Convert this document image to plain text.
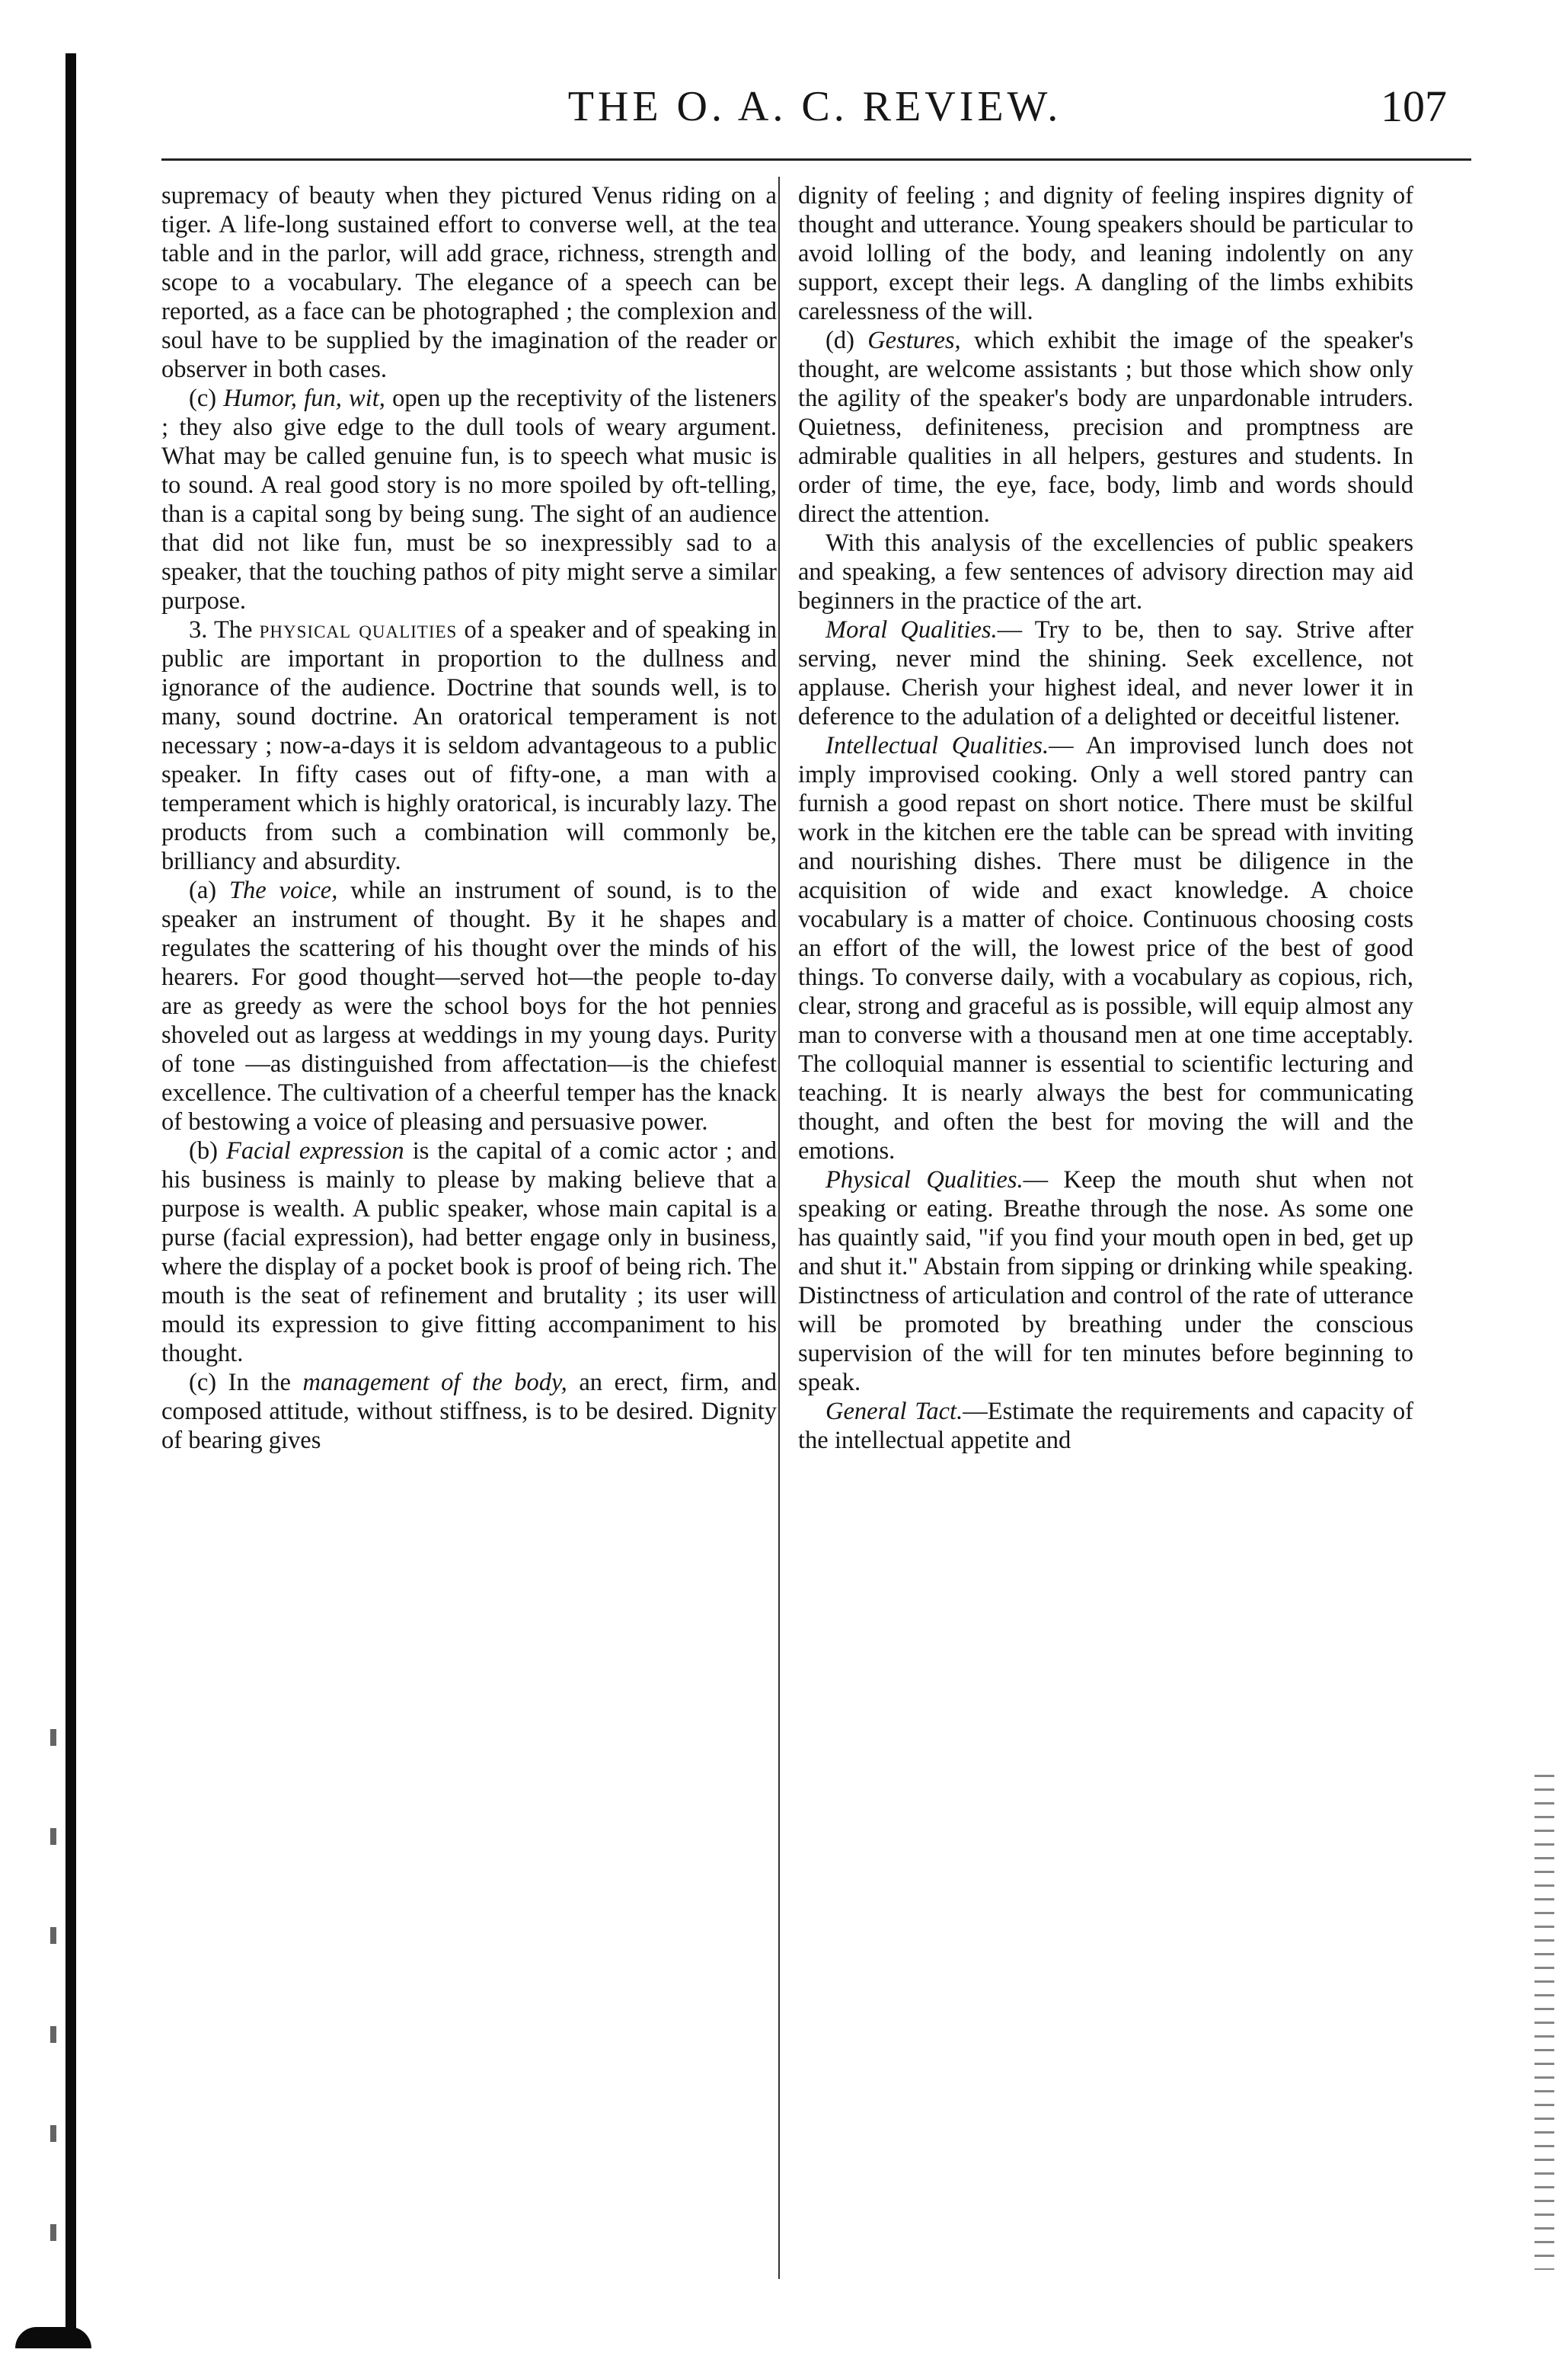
THE O. A. C. REVIEW.	107

supremacy of beauty when they pictured Venus riding on a tiger. A life-long sustained effort to converse well, at the tea table and in the parlor, will add grace, richness, strength and scope to a vocabulary. The elegance of a speech can be reported, as a face can be photographed ; the complexion and soul have to be supplied by the imagination of the reader or observer in both cases.

(c) Humor, fun, wit, open up the receptivity of the listeners ; they also give edge to the dull tools of weary argument. What may be called genuine fun, is to speech what music is to sound. A real good story is no more spoiled by oft-telling, than is a capital song by being sung. The sight of an audience that did not like fun, must be so inexpressibly sad to a speaker, that the touching pathos of pity might serve a similar purpose.

3. The physical qualities of a speaker and of speaking in public are important in proportion to the dullness and ignorance of the audience. Doctrine that sounds well, is to many, sound doctrine. An oratorical temperament is not necessary ; now-a-days it is seldom advantageous to a public speaker. In fifty cases out of fifty-one, a man with a temperament which is highly oratorical, is incurably lazy. The products from such a combination will commonly be, brilliancy and absurdity.

(a) The voice, while an instrument of sound, is to the speaker an instrument of thought. By it he shapes and regulates the scattering of his thought over the minds of his hearers. For good thought—served hot—the people to-day are as greedy as were the school boys for the hot pennies shoveled out as largess at weddings in my young days. Purity of tone —as distinguished from affectation—is the chiefest excellence. The cultivation of a cheerful temper has the knack of bestowing a voice of pleasing and persuasive power.

(b) Facial expression is the capital of a comic actor ; and his business is mainly to please by making believe that a purpose is wealth. A public speaker, whose main capital is a purse (facial expression), had better engage only in business, where the display of a pocket book is proof of being rich. The mouth is the seat of refinement and brutality ; its user will mould its expression to give fitting accompaniment to his thought.

(c) In the management of the body, an erect, firm, and composed attitude, without stiffness, is to be desired. Dignity of bearing gives

dignity of feeling ; and dignity of feeling inspires dignity of thought and utterance. Young speakers should be particular to avoid lolling of the body, and leaning indolently on any support, except their legs. A dangling of the limbs exhibits carelessness of the will.

(d) Gestures, which exhibit the image of the speaker's thought, are welcome assistants ; but those which show only the agility of the speaker's body are unpardonable intruders. Quietness, definiteness, precision and promptness are admirable qualities in all helpers, gestures and students. In order of time, the eye, face, body, limb and words should direct the attention.

With this analysis of the excellencies of public speakers and speaking, a few sentences of advisory direction may aid beginners in the practice of the art.

Moral Qualities.— Try to be, then to say. Strive after serving, never mind the shining. Seek excellence, not applause. Cherish your highest ideal, and never lower it in deference to the adulation of a delighted or deceitful listener.

Intellectual Qualities.— An improvised lunch does not imply improvised cooking. Only a well stored pantry can furnish a good repast on short notice. There must be skilful work in the kitchen ere the table can be spread with inviting and nourishing dishes. There must be diligence in the acquisition of wide and exact knowledge. A choice vocabulary is a matter of choice. Continuous choosing costs an effort of the will, the lowest price of the best of good things. To converse daily, with a vocabulary as copious, rich, clear, strong and graceful as is possible, will equip almost any man to converse with a thousand men at one time acceptably. The colloquial manner is essential to scientific lecturing and teaching. It is nearly always the best for communicating thought, and often the best for moving the will and the emotions.

Physical Qualities.— Keep the mouth shut when not speaking or eating. Breathe through the nose. As some one has quaintly said, "if you find your mouth open in bed, get up and shut it." Abstain from sipping or drinking while speaking. Distinctness of articulation and control of the rate of utterance will be promoted by breathing under the conscious supervision of the will for ten minutes before beginning to speak.

General Tact.—Estimate the requirements and capacity of the intellectual appetite and
